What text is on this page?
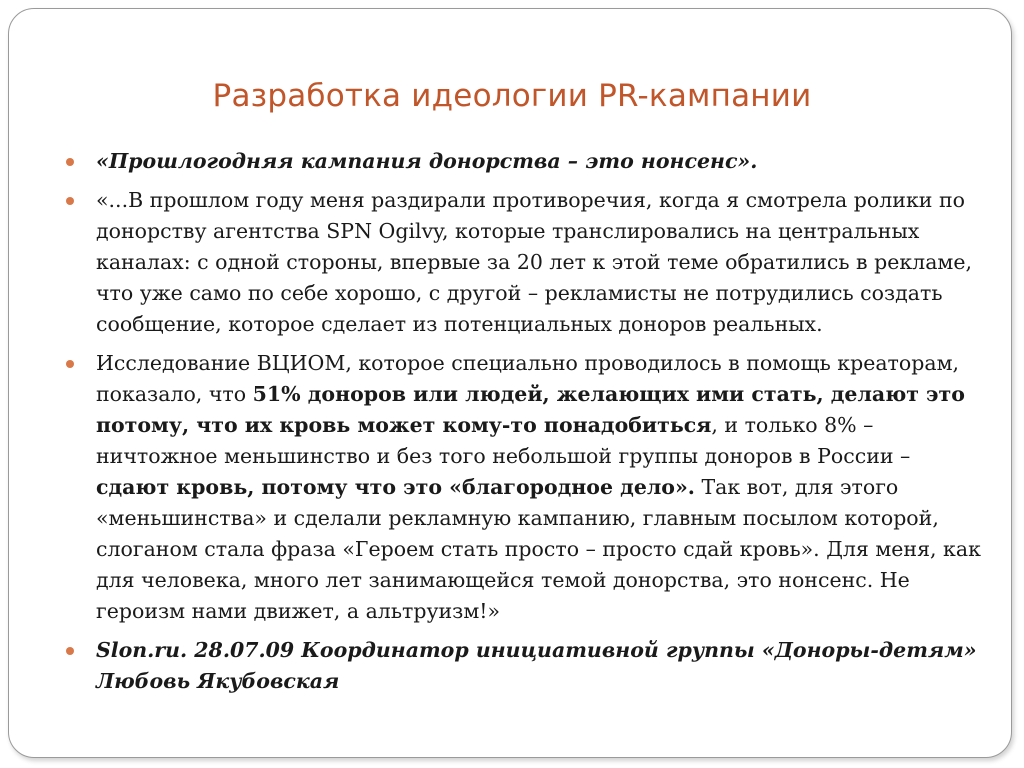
Разработка идеологии PR-кампании
«Прошлогодняя кампания донорства – это нонсенс».
«...В прошлом году меня раздирали противоречия, когда я смотрела ролики по донорству агентства SPN Ogilvy, которые транслировались на центральных каналах: с одной стороны, впервые за 20 лет к этой теме обратились в рекламе, что уже само по себе хорошо, с другой – рекламисты не потрудились создать сообщение, которое сделает из потенциальных доноров реальных.
Исследование ВЦИОМ, которое специально проводилось в помощь креаторам, показало, что 51% доноров или людей, желающих ими стать, делают это потому, что их кровь может кому-то понадобиться, и только 8% – ничтожное меньшинство и без того небольшой группы доноров в России – сдают кровь, потому что это «благородное дело». Так вот, для этого «меньшинства» и сделали рекламную кампанию, главным посылом которой, слоганом стала фраза «Героем стать просто – просто сдай кровь». Для меня, как для человека, много лет занимающейся темой донорства, это нонсенс. Не героизм нами движет, а альтруизм!»
Slon.ru. 28.07.09 Координатор инициативной группы «Доноры-детям»
Любовь Якубовская
